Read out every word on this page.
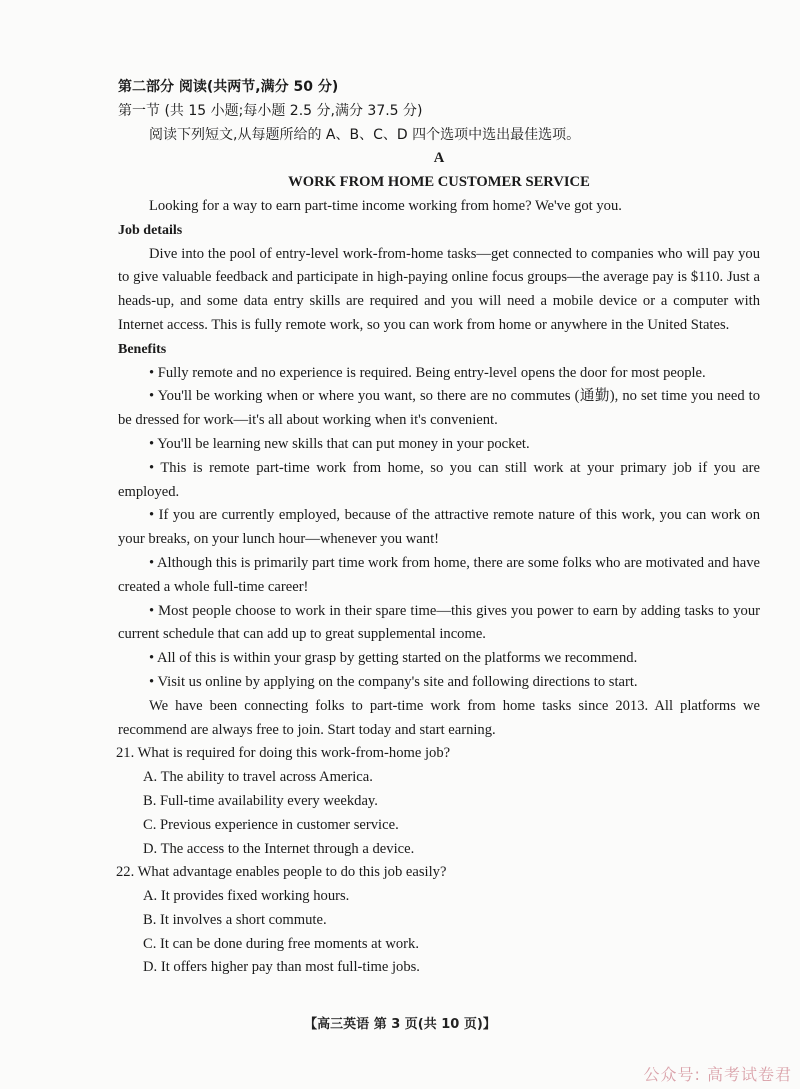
第二部分 阅读(共两节,满分 50 分)

第一节 (共 15 小题;每小题 2.5 分,满分 37.5 分)

阅读下列短文,从每题所给的 A、B、C、D 四个选项中选出最佳选项。

A

WORK FROM HOME CUSTOMER SERVICE

Looking for a way to earn part-time income working from home? We've got you.

Job details

Dive into the pool of entry-level work-from-home tasks—get connected to companies who will pay you to give valuable feedback and participate in high-paying online focus groups—the average pay is $110. Just a heads-up, and some data entry skills are required and you will need a mobile device or a computer with Internet access. This is fully remote work, so you can work from home or anywhere in the United States.

Benefits

• Fully remote and no experience is required. Being entry-level opens the door for most people.

• You'll be working when or where you want, so there are no commutes (通勤), no set time you need to be dressed for work—it's all about working when it's convenient.

• You'll be learning new skills that can put money in your pocket.

• This is remote part-time work from home, so you can still work at your primary job if you are employed.

• If you are currently employed, because of the attractive remote nature of this work, you can work on your breaks, on your lunch hour—whenever you want!

• Although this is primarily part time work from home, there are some folks who are motivated and have created a whole full-time career!

• Most people choose to work in their spare time—this gives you power to earn by adding tasks to your current schedule that can add up to great supplemental income.

• All of this is within your grasp by getting started on the platforms we recommend.

• Visit us online by applying on the company's site and following directions to start.

We have been connecting folks to part-time work from home tasks since 2013. All platforms we recommend are always free to join. Start today and start earning.

21. What is required for doing this work-from-home job?

A. The ability to travel across America.

B. Full-time availability every weekday.

C. Previous experience in customer service.

D. The access to the Internet through a device.

22. What advantage enables people to do this job easily?

A. It provides fixed working hours.

B. It involves a short commute.

C. It can be done during free moments at work.

D. It offers higher pay than most full-time jobs.

【高三英语 第 3 页(共 10 页)】
公众号: 高考试卷君
